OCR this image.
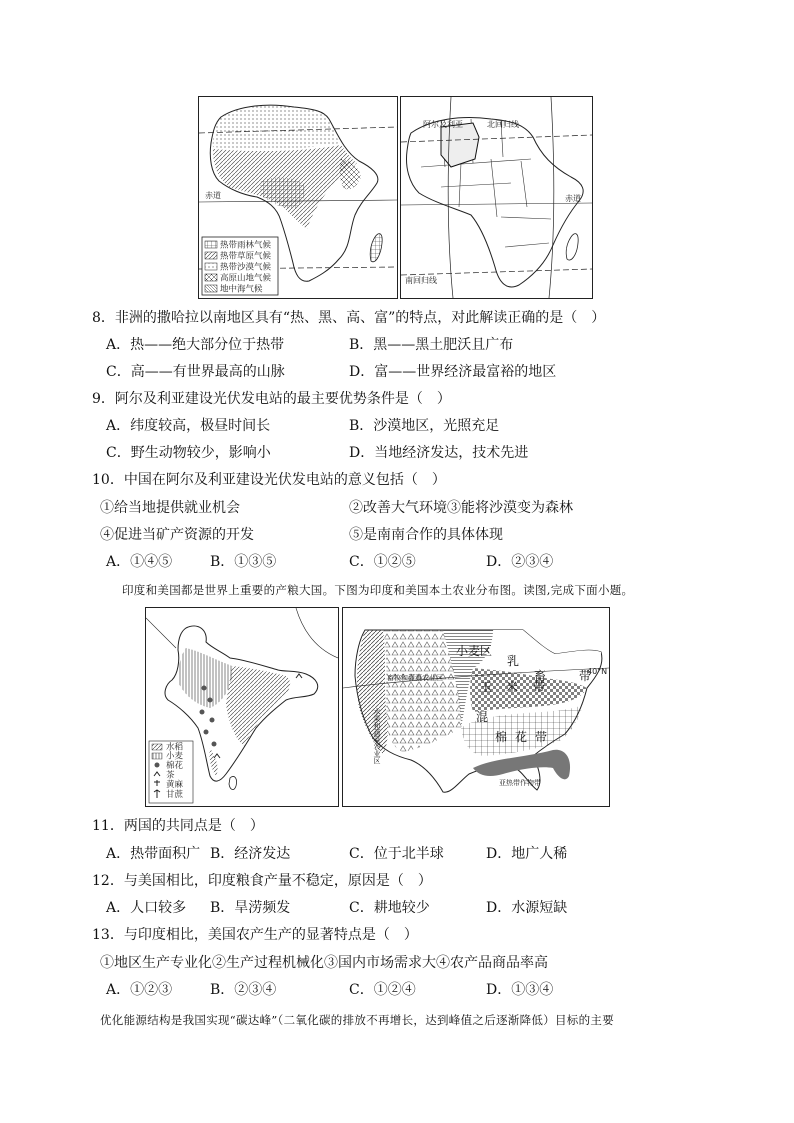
赤道
热带雨林气候
热带草原气候
热带沙漠气候
高原山地气候
地中海气候
阿尔及利亚	北回归线
赤道
南回归线
8．非洲的撒哈拉以南地区具有“热、黑、高、富”的特点，对此解读正确的是（　）
A．热——绝大部分位于热带	B．黑——黑土肥沃且广布
C．高——有世界最高的山脉	D．富——世界经济最富裕的地区
9．阿尔及利亚建设光伏发电站的最主要优势条件是（　）
A．纬度较高，极昼时间长	B．沙漠地区，光照充足
C．野生动物较少，影响小	D．当地经济发达，技术先进
10．中国在阿尔及利亚建设光伏发电站的意义包括（　）
①给当地提供就业机会	②改善大气环境③能将沙漠变为森林
④促进当矿产资源的开发	⑤是南南合作的具体体现
A．①④⑤	B．①③⑤	C．①②⑤	D．②③④
印度和美国都是世界上重要的产粮大国。下图为印度和美国本土农业分布图。读图,完成下面小题。
水稻
小麦
棉花
茶
黄麻
甘蔗
小麦区
乳
畜	带
40°N
玉 米 带
混
棉 花 带
亚热带作物带
畜牧和灌溉农业区
水果和蔬菜农业区
11．两国的共同点是（　）
A．热带面积广 B．经济发达	C．位于北半球	D．地广人稀
12．与美国相比，印度粮食产量不稳定，原因是（　）
A．人口较多 B．旱涝频发	C．耕地较少	D．水源短缺
13．与印度相比，美国农产生产的显著特点是（　）
①地区生产专业化②生产过程机械化③国内市场需求大④农产品商品率高
A．①②③	B．②③④	C．①②④	D．①③④
优化能源结构是我国实现“碳达峰”（二氧化碳的排放不再增长，达到峰值之后逐渐降低）目标的主要
